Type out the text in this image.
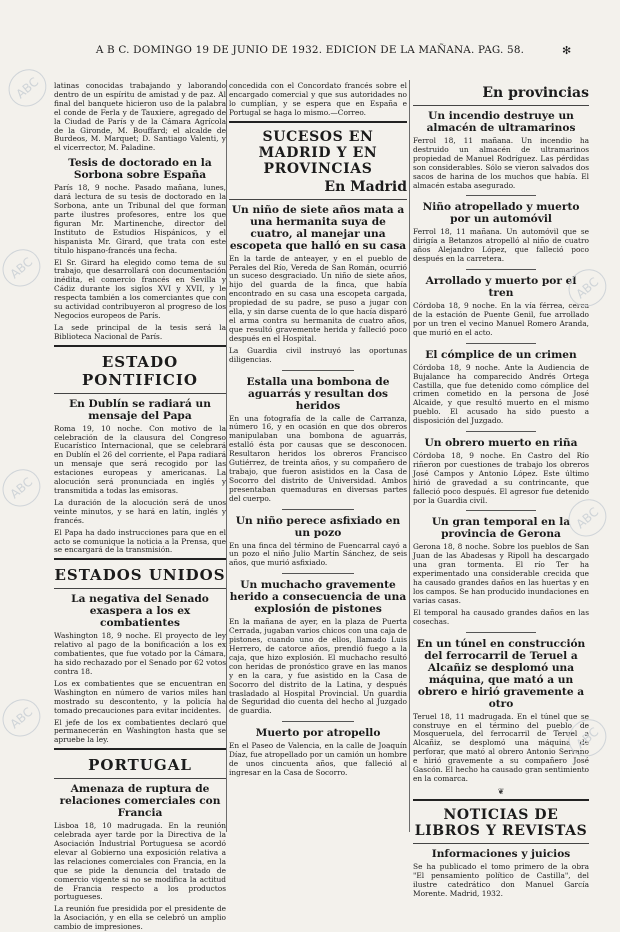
A B C. DOMINGO 19 DE JUNIO DE 1932. EDICION DE LA MAÑANA. PAG. 58.	✻

latinas conocidas trabajando y laborando dentro de un espíritu de amistad y de paz. Al final del banquete hicieron uso de la palabra el conde de Ferla y de Tauxiere, agregado de la Ciudad de París y de la Cámara Agrícola de la Gironde, M. Bouffard; el alcalde de Burdeos, M. Marquet; D. Santiago Valenti, y el vicerrector, M. Paladine.

Tesis de doctorado en la Sorbona sobre España

París 18, 9 noche. Pasado mañana, lunes, dará lectura de su tesis de doctorado en la Sorbona, ante un Tribunal del que forman parte ilustres profesores, entre los que figuran Mr. Martinenche, director del Instituto de Estudios Hispánicos, y el hispanista Mr. Girard, que trata con este título hispano-francés una fecha.

El Sr. Girard ha elegido como tema de su trabajo, que desarrollará con documentación inédita, el comercio francés en Sevilla y Cádiz durante los siglos XVI y XVII, y le respecta también a los comerciantes que con su actividad contribuyeron al progreso de los Negocios europeos de París.

La sede principal de la tesis será la Biblioteca Nacional de París.

ESTADO PONTIFICIO
En Dublín se radiará un mensaje del Papa

Roma 19, 10 noche. Con motivo de la celebración de la clausura del Congreso Eucarístico Internacional, que se celebrará en Dublín el 26 del corriente, el Papa radiará un mensaje que será recogido por las estaciones europeas y americanas. La alocución será pronunciada en inglés y transmitida a todas las emisoras.

La duración de la alocución será de unos veinte minutos, y se hará en latín, inglés y francés.

El Papa ha dado instrucciones para que en el acto se comunique la noticia a la Prensa, que se encargará de la transmisión.

ESTADOS UNIDOS
La negativa del Senado exaspera a los ex combatientes

Washington 18, 9 noche. El proyecto de ley relativo al pago de la bonificación a los ex combatientes, que fue votado por la Cámara, ha sido rechazado por el Senado por 62 votos contra 18.

Los ex combatientes que se encuentran en Washington en número de varios miles han mostrado su descontento, y la policía ha tomado precauciones para evitar incidentes.

El jefe de los ex combatientes declaró que permanecerán en Washington hasta que se apruebe la ley.

PORTUGAL
Amenaza de ruptura de relaciones comerciales con Francia

Lisboa 18, 10 madrugada. En la reunión celebrada ayer tarde por la Directiva de la Asociación Industrial Portuguesa se acordó elevar al Gobierno una exposición relativa a las relaciones comerciales con Francia, en la que se pide la denuncia del tratado de comercio vigente si no se modifica la actitud de Francia respecto a los productos portugueses.

La reunión fue presidida por el presidente de la Asociación, y en ella se celebró un amplio cambio de impresiones.

concedida con el Concordato francés sobre el encargado comercial y que sus autoridades no lo cumplían, y se espera que en España e Portugal se haga lo mismo.—Correo.

SUCESOS EN MADRID Y EN PROVINCIAS
En Madrid
Un niño de siete años mata a una hermanita suya de cuatro, al manejar una escopeta que halló en su casa

En la tarde de anteayer, y en el pueblo de Perales del Río, Vereda de San Román, ocurrió un suceso desgraciado. Un niño de siete años, hijo del guarda de la finca, que había encontrado en su casa una escopeta cargada, propiedad de su padre, se puso a jugar con ella, y sin darse cuenta de lo que hacía disparó el arma contra su hermanita de cuatro años, que resultó gravemente herida y falleció poco después en el Hospital.

La Guardia civil instruyó las oportunas diligencias.

Estalla una bombona de aguarrás y resultan dos heridos

En una fotografía de la calle de Carranza, número 16, y en ocasión en que dos obreros manipulaban una bombona de aguarrás, estalló ésta por causas que se desconocen. Resultaron heridos los obreros Francisco Gutiérrez, de treinta años, y su compañero de trabajo, que fueron asistidos en la Casa de Socorro del distrito de Universidad. Ambos presentaban quemaduras en diversas partes del cuerpo.

Un niño perece asfixiado en un pozo

En una finca del término de Fuencarral cayó a un pozo el niño Julio Martín Sánchez, de seis años, que murió asfixiado.

Un muchacho gravemente herido a consecuencia de una explosión de pistones

En la mañana de ayer, en la plaza de Puerta Cerrada, jugaban varios chicos con una caja de pistones, cuando uno de ellos, llamado Luis Herrero, de catorce años, prendió fuego a la caja, que hizo explosión. El muchacho resultó con heridas de pronóstico grave en las manos y en la cara, y fue asistido en la Casa de Socorro del distrito de la Latina, y después trasladado al Hospital Provincial. Un guardia de Seguridad dio cuenta del hecho al Juzgado de guardia.

Muerto por atropello

En el Paseo de Valencia, en la calle de Joaquín Díaz, fue atropellado por un camión un hombre de unos cincuenta años, que falleció al ingresar en la Casa de Socorro.

En provincias
Un incendio destruye un almacén de ultramarinos

Ferrol 18, 11 mañana. Un incendio ha destruido un almacén de ultramarinos propiedad de Manuel Rodríguez. Las pérdidas son considerables. Sólo se vieron salvados dos sacos de harina de los muchos que había. El almacén estaba asegurado.

Niño atropellado y muerto por un automóvil

Ferrol 18, 11 mañana. Un automóvil que se dirigía a Betanzos atropelló al niño de cuatro años Alejandro López, que falleció poco después en la carretera.

Arrollado y muerto por el tren

Córdoba 18, 9 noche. En la vía férrea, cerca de la estación de Puente Genil, fue arrollado por un tren el vecino Manuel Romero Aranda, que murió en el acto.

El cómplice de un crimen

Córdoba 18, 9 noche. Ante la Audiencia de Bujalance ha comparecido Andrés Ortega Castilla, que fue detenido como cómplice del crimen cometido en la persona de José Alcaide, y que resultó muerto en el mismo pueblo. El acusado ha sido puesto a disposición del Juzgado.

Un obrero muerto en riña

Córdoba 18, 9 noche. En Castro del Río riñeron por cuestiones de trabajo los obreros José Campos y Antonio López. Este último hirió de gravedad a su contrincante, que falleció poco después. El agresor fue detenido por la Guardia civil.

Un gran temporal en la provincia de Gerona

Gerona 18, 8 noche. Sobre los pueblos de San Juan de las Abadesas y Ripoll ha descargado una gran tormenta. El río Ter ha experimentado una considerable crecida que ha causado grandes daños en las huertas y en los campos. Se han producido inundaciones en varias casas.

El temporal ha causado grandes daños en las cosechas.

En un túnel en construcción del ferrocarril de Teruel a Alcañiz se desplomó una máquina, que mató a un obrero e hirió gravemente a otro

Teruel 18, 11 madrugada. En el túnel que se construye en el término del pueblo de Mosqueruela, del ferrocarril de Teruel a Alcañiz, se desplomó una máquina de perforar, que mató al obrero Antonio Serrano e hirió gravemente a su compañero José Gascón. El hecho ha causado gran sentimiento en la comarca.

❦
NOTICIAS DE LIBROS Y REVISTAS
Informaciones y juicios

Se ha publicado el tomo primero de la obra "El pensamiento político de Castilla", del ilustre catedrático don Manuel García Morente. Madrid, 1932.

ABC
ABC
ABC
ABC
ABC
ABC
ABC
